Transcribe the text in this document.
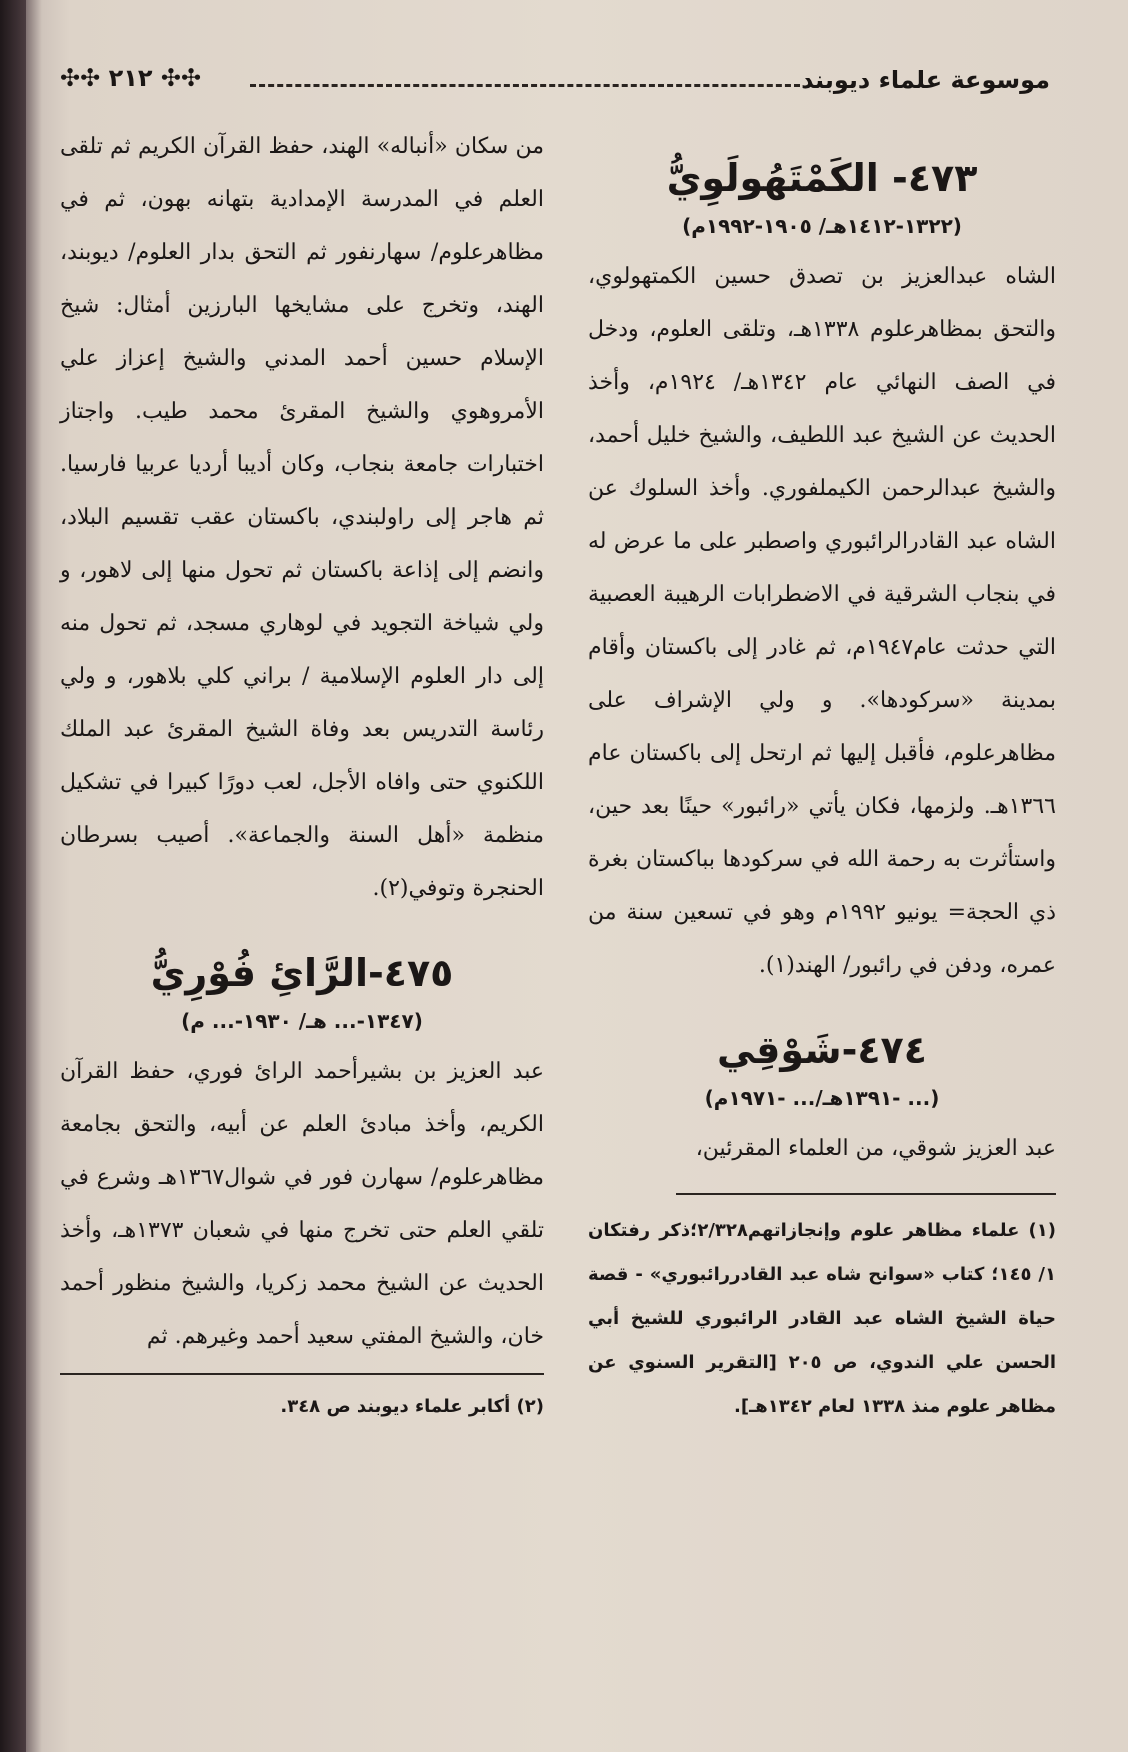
موسوعة علماء ديوبند
✣✣ ٢١٢ ✣✣
٤٧٣- الكَمْتَهُولَوِيُّ
(١٣٢٢-١٤١٢هـ/ ١٩٠٥-١٩٩٢م)
الشاه عبدالعزيز بن تصدق حسين الكمتهولوي، والتحق بمظاهرعلوم ١٣٣٨هـ، وتلقى العلوم، ودخل في الصف النهائي عام ١٣٤٢هـ/ ١٩٢٤م، وأخذ الحديث عن الشيخ عبد اللطيف، والشيخ خليل أحمد، والشيخ عبدالرحمن الكيملفوري. وأخذ السلوك عن الشاه عبد القادرالرائبوري واصطبر على ما عرض له في بنجاب الشرقية في الاضطرابات الرهيبة العصبية التي حدثت عام١٩٤٧م، ثم غادر إلى باكستان وأقام بمدينة «سركودها». و ولي الإشراف على مظاهرعلوم، فأقبل إليها ثم ارتحل إلى باكستان عام ١٣٦٦هـ. ولزمها، فكان يأتي «رائبور» حينًا بعد حين، واستأثرت به رحمة الله في سركودها بباكستان بغرة ذي الحجة= يونيو ١٩٩٢م وهو في تسعين سنة من عمره، ودفن في رائبور/ الهند(١).
٤٧٤-شَوْقِي
(... -١٣٩١هـ/... -١٩٧١م)
عبد العزيز شوقي، من العلماء المقرئين،
(١) علماء مظاهر علوم وإنجازاتهم٢/٣٢٨؛ذكر رفتكان ١/ ١٤٥؛ كتاب «سوانح شاه عبد القادررائبوري» - قصة حياة الشيخ الشاه عبد القادر الرائبوري للشيخ أبي الحسن علي الندوي، ص ٢٠٥ [التقرير السنوي عن مظاهر علوم منذ ١٣٣٨ لعام ١٣٤٢هـ].
من سكان «أنباله» الهند، حفظ القرآن الكريم ثم تلقى العلم في المدرسة الإمدادية بتهانه بهون، ثم في مظاهرعلوم/ سهارنفور ثم التحق بدار العلوم/ ديوبند، الهند، وتخرج على مشايخها البارزين أمثال: شيخ الإسلام حسين أحمد المدني والشيخ إعزاز علي الأمروهوي والشيخ المقرئ محمد طيب. واجتاز اختبارات جامعة بنجاب، وكان أديبا أرديا عربيا فارسيا. ثم هاجر إلى راولبندي، باكستان عقب تقسيم البلاد، وانضم إلى إذاعة باكستان ثم تحول منها إلى لاهور، و ولي شياخة التجويد في لوهاري مسجد، ثم تحول منه إلى دار العلوم الإسلامية / براني كلي بلاهور، و ولي رئاسة التدريس بعد وفاة الشيخ المقرئ عبد الملك اللكنوي حتى وافاه الأجل، لعب دورًا كبيرا في تشكيل منظمة «أهل السنة والجماعة». أصيب بسرطان الحنجرة وتوفي(٢).
٤٧٥-الرَّائِ فُوْرِيُّ
(١٣٤٧-... هـ/ ١٩٣٠-... م)
عبد العزيز بن بشيرأحمد الرائ فوري، حفظ القرآن الكريم، وأخذ مبادئ العلم عن أبيه، والتحق بجامعة مظاهرعلوم/ سهارن فور في شوال١٣٦٧هـ وشرع في تلقي العلم حتى تخرج منها في شعبان ١٣٧٣هـ، وأخذ الحديث عن الشيخ محمد زكريا، والشيخ منظور أحمد خان، والشيخ المفتي سعيد أحمد وغيرهم. ثم
(٢) أكابر علماء ديوبند ص ٣٤٨.
